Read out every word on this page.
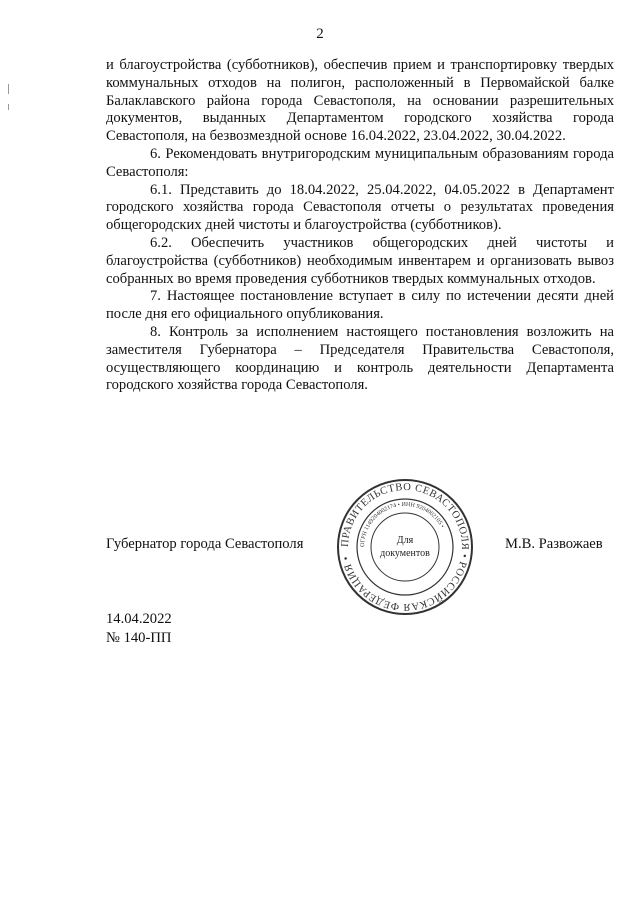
2

и благоустройства (субботников), обеспечив прием и транспортировку твердых коммунальных отходов на полигон, расположенный в Первомайской балке Балаклавского района города Севастополя, на основании разрешительных документов, выданных Департаментом городского хозяйства города Севастополя, на безвозмездной основе 16.04.2022, 23.04.2022, 30.04.2022.

6. Рекомендовать внутригородским муниципальным образованиям города Севастополя:

6.1. Представить до 18.04.2022, 25.04.2022, 04.05.2022 в Департамент городского хозяйства города Севастополя отчеты о результатах проведения общегородских дней чистоты и благоустройства (субботников).

6.2. Обеспечить участников общегородских дней чистоты и благоустройства (субботников) необходимым инвентарем и организовать вывоз собранных во время проведения субботников твердых коммунальных отходов.

7. Настоящее постановление вступает в силу по истечении десяти дней после дня его официального опубликования.

8. Контроль за исполнением настоящего постановления возложить на заместителя Губернатора – Председателя Правительства Севастополя, осуществляющего координацию и контроль деятельности Департамента городского хозяйства города Севастополя.

Губернатор города Севастополя	ПРАВИТЕЛЬСТВО СЕВАСТОПОЛЯ • РОССИЙСКАЯ ФЕДЕРАЦИЯ •
ОГРН 1149204002174 • ИНН 9204002105 •
Для
документов
М.В. Развожаев
14.04.2022
№ 140-ПП
